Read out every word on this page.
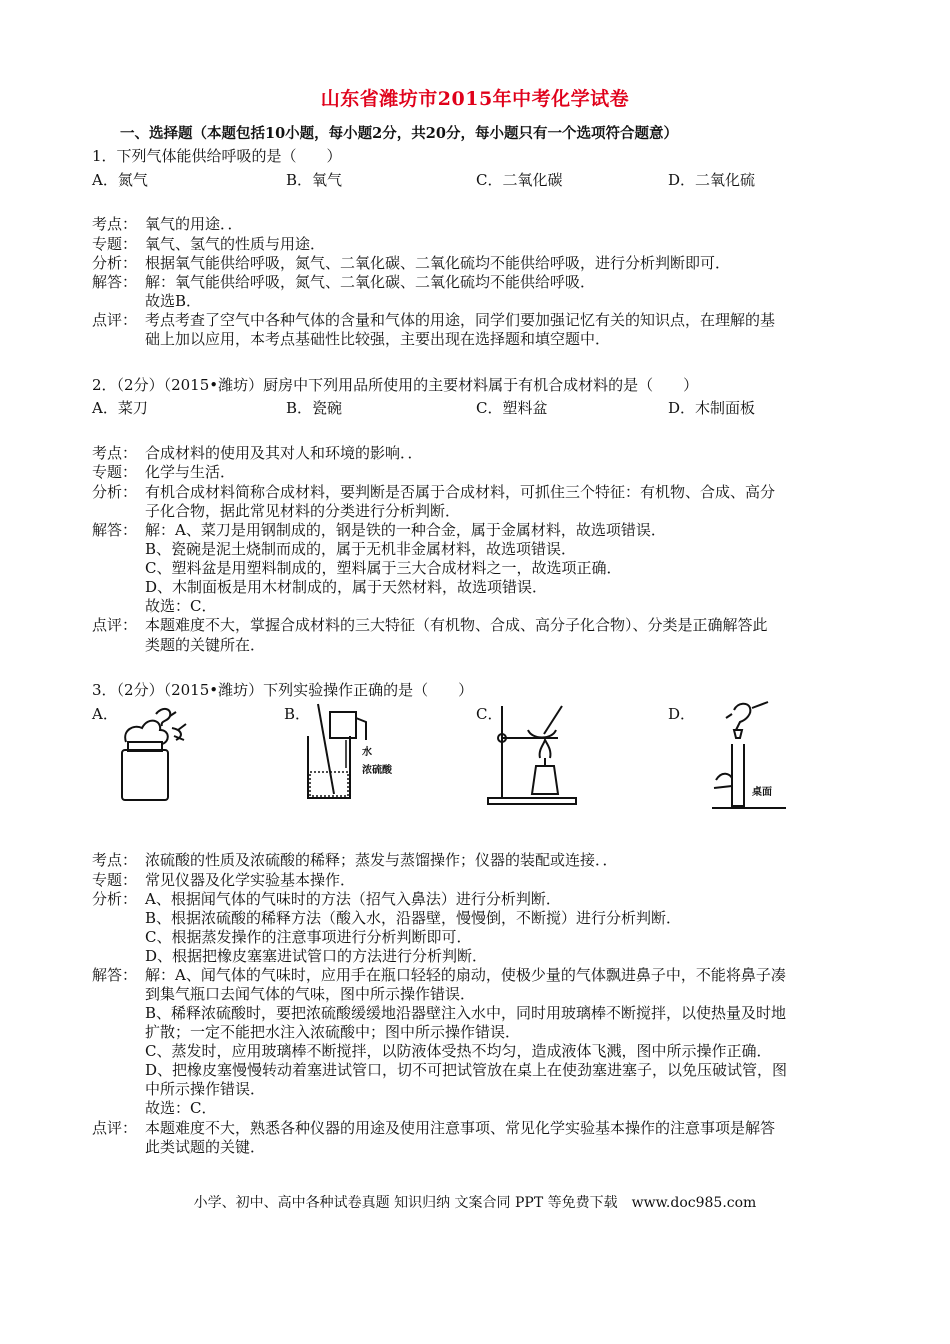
山东省潍坊市2015年中考化学试卷
一、选择题（本题包括10小题，每小题2分，共20分，每小题只有一个选项符合题意）
1．下列气体能供给呼吸的是（　　）
A．氮气	B．氧气	C．二氧化碳	D．二氧化硫
考点： 氧气的用途．．
专题： 氧气、氢气的性质与用途．
分析： 根据氧气能供给呼吸，氮气、二氧化碳、二氧化硫均不能供给呼吸，进行分析判断即可．
解答： 解：氧气能供给呼吸，氮气、二氧化碳、二氧化硫均不能供给呼吸．
故选B．
点评： 考点考查了空气中各种气体的含量和气体的用途，同学们要加强记忆有关的知识点，在理解的基
础上加以应用，本考点基础性比较强，主要出现在选择题和填空题中．
2．（2分）（2015•潍坊）厨房中下列用品所使用的主要材料属于有机合成材料的是（　　）
A．菜刀	B．瓷碗	C．塑料盆	D．木制面板
考点： 合成材料的使用及其对人和环境的影响．．
专题： 化学与生活．
分析： 有机合成材料简称合成材料，要判断是否属于合成材料，可抓住三个特征：有机物、合成、高分
子化合物，据此常见材料的分类进行分析判断．
解答： 解：A、菜刀是用钢制成的，钢是铁的一种合金，属于金属材料，故选项错误．
B、瓷碗是泥土烧制而成的，属于无机非金属材料，故选项错误．
C、塑料盆是用塑料制成的，塑料属于三大合成材料之一，故选项正确．
D、木制面板是用木材制成的，属于天然材料，故选项错误．
故选：C．
点评： 本题难度不大，掌握合成材料的三大特征（有机物、合成、高分子化合物）、分类是正确解答此
类题的关键所在．
3．（2分）（2015•潍坊）下列实验操作正确的是（　　）
A．	B．	C．	D．
水
浓硫酸
桌面
考点： 浓硫酸的性质及浓硫酸的稀释；蒸发与蒸馏操作；仪器的装配或连接．．
专题： 常见仪器及化学实验基本操作．
分析： A、根据闻气体的气味时的方法（招气入鼻法）进行分析判断．
B、根据浓硫酸的稀释方法（酸入水，沿器壁，慢慢倒，不断搅）进行分析判断．
C、根据蒸发操作的注意事项进行分析判断即可．
D、根据把橡皮塞塞进试管口的方法进行分析判断．
解答： 解：A、闻气体的气味时，应用手在瓶口轻轻的扇动，使极少量的气体飘进鼻子中，不能将鼻子凑
到集气瓶口去闻气体的气味，图中所示操作错误．
B、稀释浓硫酸时，要把浓硫酸缓缓地沿器壁注入水中，同时用玻璃棒不断搅拌，以使热量及时地
扩散；一定不能把水注入浓硫酸中；图中所示操作错误．
C、蒸发时，应用玻璃棒不断搅拌，以防液体受热不均匀，造成液体飞溅，图中所示操作正确．
D、把橡皮塞慢慢转动着塞进试管口，切不可把试管放在桌上在使劲塞进塞子，以免压破试管，图
中所示操作错误．
故选：C．
点评： 本题难度不大，熟悉各种仪器的用途及使用注意事项、常见化学实验基本操作的注意事项是解答
此类试题的关键．
小学、初中、高中各种试卷真题 知识归纳 文案合同 PPT 等免费下载　www.doc985.com
